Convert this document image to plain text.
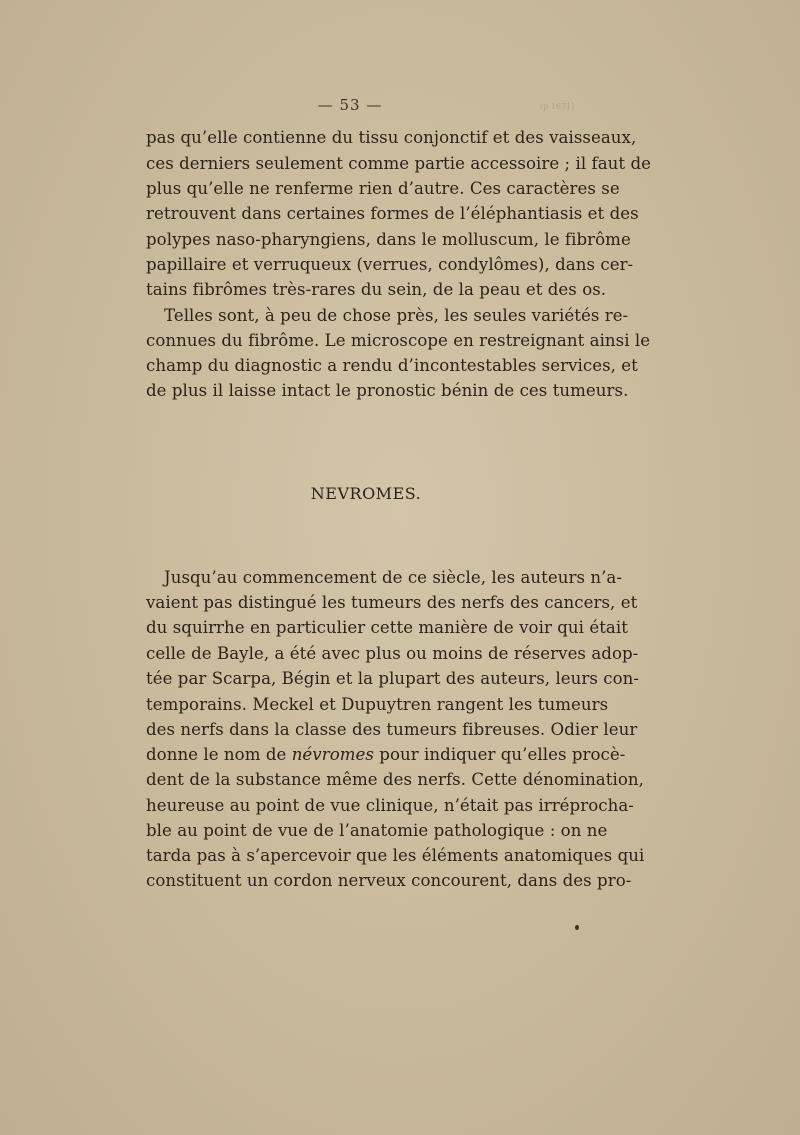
— 53 —	(p 1671)
pas qu’elle contienne du tissu conjonctif et des vaisseaux,
ces derniers seulement comme partie accessoire ; il faut de
plus qu’elle ne renferme rien d’autre. Ces caractères se
retrouvent dans certaines formes de l’éléphantiasis et des
polypes naso-pharyngiens, dans le molluscum, le fibrôme
papillaire et verruqueux (verrues, condylômes), dans cer-
tains fibrômes très-rares du sein, de la peau et des os.
Telles sont, à peu de chose près, les seules variétés re-
connues du fibrôme. Le microscope en restreignant ainsi le
champ du diagnostic a rendu d’incontestables services, et
de plus il laisse intact le pronostic bénin de ces tumeurs.
NEVROMES.
Jusqu’au commencement de ce siècle, les auteurs n’a-
vaient pas distingué les tumeurs des nerfs des cancers, et
du squirrhe en particulier cette manière de voir qui était
celle de Bayle, a été avec plus ou moins de réserves adop-
tée par Scarpa, Bégin et la plupart des auteurs, leurs con-
temporains. Meckel et Dupuytren rangent les tumeurs
des nerfs dans la classe des tumeurs fibreuses. Odier leur
donne le nom de névromes pour indiquer qu’elles procè-
dent de la substance même des nerfs. Cette dénomination,
heureuse au point de vue clinique, n’était pas irréprocha-
ble au point de vue de l’anatomie pathologique : on ne
tarda pas à s’apercevoir que les éléments anatomiques qui
constituent un cordon nerveux concourent, dans des pro-
